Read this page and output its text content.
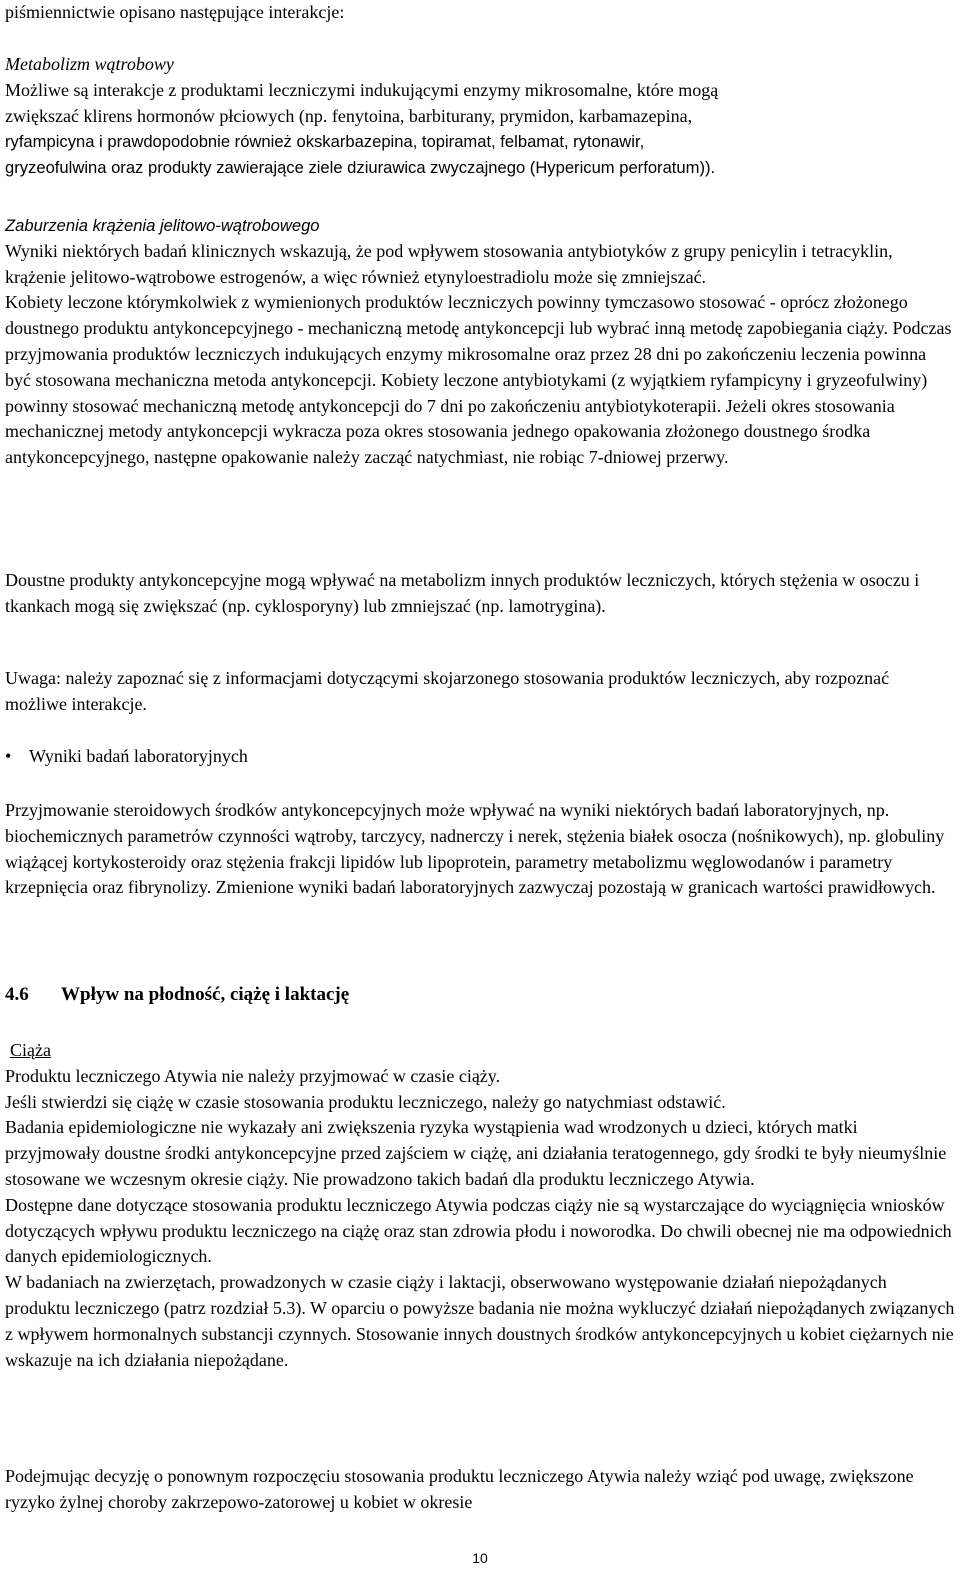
piśmiennictwie opisano następujące interakcje:

Metabolizm wątrobowy
Możliwe są interakcje z produktami leczniczymi indukującymi enzymy mikrosomalne, które mogą
zwiększać klirens hormonów płciowych (np. fenytoina, barbiturany, prymidon, karbamazepina,
ryfampicyna i prawdopodobnie również okskarbazepina, topiramat, felbamat, rytonawir,
gryzeofulwina oraz produkty zawierające ziele dziurawica zwyczajnego (Hypericum perforatum)).
Zaburzenia krążenia jelitowo-wątrobowego
Wyniki niektórych badań klinicznych wskazują, że pod wpływem stosowania antybiotyków z grupy penicylin i tetracyklin, krążenie jelitowo-wątrobowe estrogenów, a więc również etynyloestradiolu może się zmniejszać.
Kobiety leczone którymkolwiek z wymienionych produktów leczniczych powinny tymczasowo stosować - oprócz złożonego doustnego produktu antykoncepcyjnego - mechaniczną metodę antykoncepcji lub wybrać inną metodę zapobiegania ciąży. Podczas przyjmowania produktów leczniczych indukujących enzymy mikrosomalne oraz przez 28 dni po zakończeniu leczenia powinna być stosowana mechaniczna metoda antykoncepcji. Kobiety leczone antybiotykami (z wyjątkiem ryfampicyny i gryzeofulwiny) powinny stosować mechaniczną metodę antykoncepcji do 7 dni po zakończeniu antybiotykoterapii. Jeżeli okres stosowania mechanicznej metody antykoncepcji wykracza poza okres stosowania jednego opakowania złożonego doustnego środka antykoncepcyjnego, następne opakowanie należy zacząć natychmiast, nie robiąc 7-dniowej przerwy.

Doustne produkty antykoncepcyjne mogą wpływać na metabolizm innych produktów leczniczych, których stężenia w osoczu i tkankach mogą się zwiększać (np. cyklosporyny) lub zmniejszać (np. lamotrygina).

Uwaga: należy zapoznać się z informacjami dotyczącymi skojarzonego stosowania produktów leczniczych, aby rozpoznać możliwe interakcje.

• Wyniki badań laboratoryjnych

Przyjmowanie steroidowych środków antykoncepcyjnych może wpływać na wyniki niektórych badań laboratoryjnych, np. biochemicznych parametrów czynności wątroby, tarczycy, nadnerczy i nerek, stężenia białek osocza (nośnikowych), np. globuliny wiążącej kortykosteroidy oraz stężenia frakcji lipidów lub lipoprotein, parametry metabolizmu węglowodanów i parametry krzepnięcia oraz fibrynolizy. Zmienione wyniki badań laboratoryjnych zazwyczaj pozostają w granicach wartości prawidłowych.

4.6 Wpływ na płodność, ciążę i laktację
Ciąża
Produktu leczniczego Atywia nie należy przyjmować w czasie ciąży.
Jeśli stwierdzi się ciążę w czasie stosowania produktu leczniczego, należy go natychmiast odstawić.
Badania epidemiologiczne nie wykazały ani zwiększenia ryzyka wystąpienia wad wrodzonych u dzieci, których matki przyjmowały doustne środki antykoncepcyjne przed zajściem w ciążę, ani działania teratogennego, gdy środki te były nieumyślnie stosowane we wczesnym okresie ciąży. Nie prowadzono takich badań dla produktu leczniczego Atywia.
Dostępne dane dotyczące stosowania produktu leczniczego Atywia podczas ciąży nie są wystarczające do wyciągnięcia wniosków dotyczących wpływu produktu leczniczego na ciążę oraz stan zdrowia płodu i noworodka. Do chwili obecnej nie ma odpowiednich danych epidemiologicznych.
W badaniach na zwierzętach, prowadzonych w czasie ciąży i laktacji, obserwowano występowanie działań niepożądanych produktu leczniczego (patrz rozdział 5.3). W oparciu o powyższe badania nie można wykluczyć działań niepożądanych związanych z wpływem hormonalnych substancji czynnych. Stosowanie innych doustnych środków antykoncepcyjnych u kobiet ciężarnych nie wskazuje na ich działania niepożądane.

Podejmując decyzję o ponownym rozpoczęciu stosowania produktu leczniczego Atywia należy wziąć pod uwagę, zwiększone ryzyko żylnej choroby zakrzepowo-zatorowej u kobiet w okresie

10
